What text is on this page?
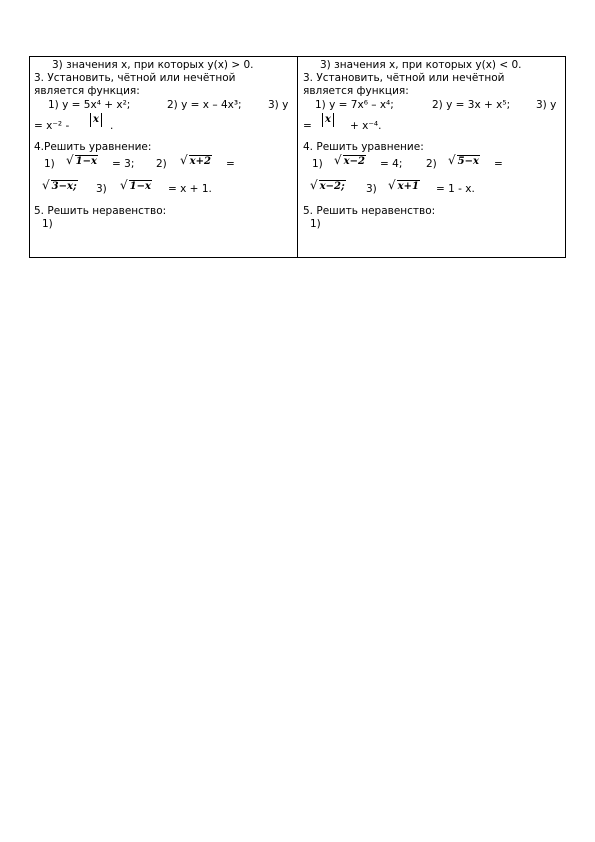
3) значения х, при которых у(х) > 0.
3. Установить, чётной или нечётной
является функция:
1) у = 5х⁴ + х²;	2) у = х – 4х³;	3) у
= х⁻² -
x
.
4.Решить уравнение:
1) √ 1−x = 3; 2) √ x+2 =
√ 3−x; 3) √ 1−x = х + 1.
5. Решить неравенство:
1)
3) значения х, при которых у(х) < 0.
3. Установить, чётной или нечётной
является функция:
1) у = 7х⁶ – х⁴;	2) у = 3х + х⁵; 3) у
=
x
+ х⁻⁴.
4. Решить уравнение:
1) √ x−2 = 4; 2) √ 5−x =
√ x−2; 3) √ x+1 = 1 - х.
5. Решить неравенство:
1)
